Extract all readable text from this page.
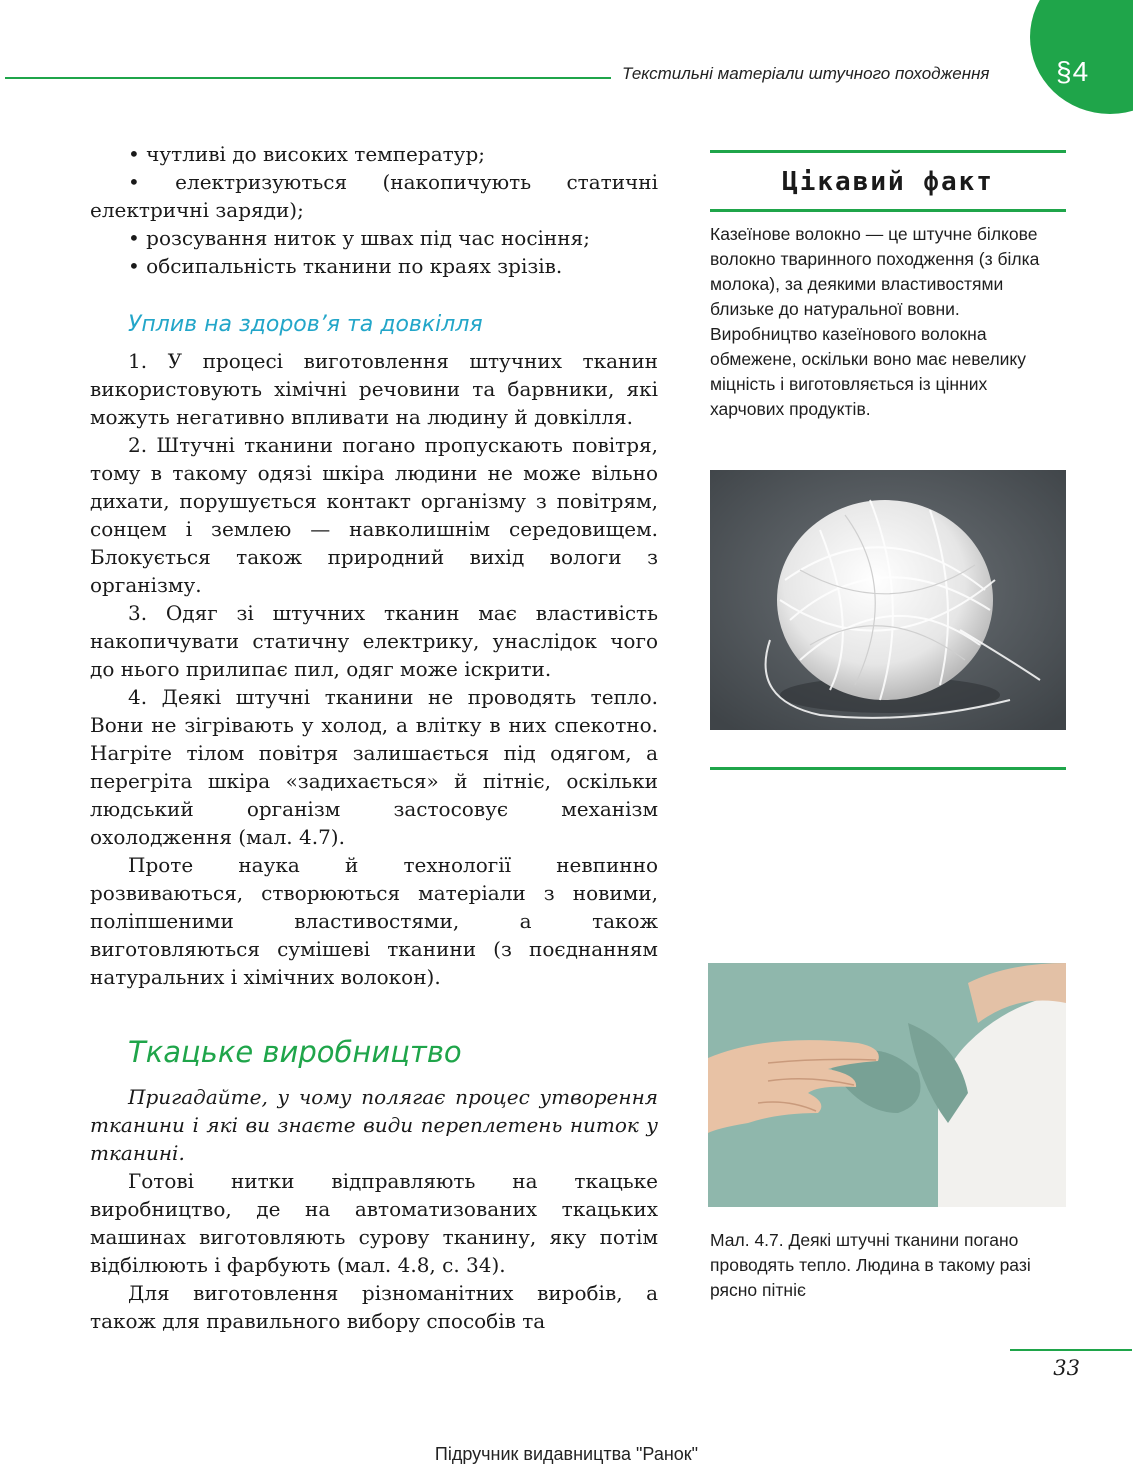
Текстильні матеріали штучного походження	§4

• чутливі до високих температур;

• електризуються (накопичують статичні електричні заряди);

• розсування ниток у швах під час носіння;

• обсипальність тканини по краях зрізів.

Уплив на здоров’я та довкілля

1. У процесі виготовлення штучних тканин використовують хімічні речовини та барвники, які можуть негативно впливати на людину й довкілля.

2. Штучні тканини погано пропускають повітря, тому в такому одязі шкіра людини не може вільно дихати, порушується контакт організму з повітрям, сонцем і землею — навколишнім середовищем. Блокується також природний вихід вологи з організму.

3. Одяг зі штучних тканин має властивість накопичувати статичну електрику, унаслідок чого до нього прилипає пил, одяг може іскрити.

4. Деякі штучні тканини не проводять тепло. Вони не зігрівають у холод, а влітку в них спекотно. Нагріте тілом повітря залишається під одягом, а перегріта шкіра «задихається» й пітніє, оскільки людський організм застосовує механізм охолодження (мал. 4.7).

Проте наука й технології невпинно розвиваються, створюються матеріали з новими, поліпшеними властивостями, а також виготовляються сумішеві тканини (з поєднанням натуральних і хімічних волокон).

Ткацьке виробництво

Пригадайте, у чому полягає процес утворення тканини і які ви знаєте види переплетень ниток у тканині.

Готові нитки відправляють на ткацьке виробництво, де на автоматизованих ткацьких машинах виготовляють сурову тканину, яку потім відбілюють і фарбують (мал. 4.8, с. 34).

Для виготовлення різноманітних виробів, а також для правильного вибору способів та

Цікавий факт

Казеїнове волокно — це штучне білкове волокно тваринного походження (з білка молока), за деякими властивостями близьке до натуральної вовни. Виробництво казеїнового волокна обмежене, оскільки воно має невелику міцність і виготовляється із цінних харчових продуктів.

Мал. 4.7. Деякі штучні тканини погано проводять тепло. Людина в такому разі рясно пітніє
33
Підручник видавництва "Ранок"
